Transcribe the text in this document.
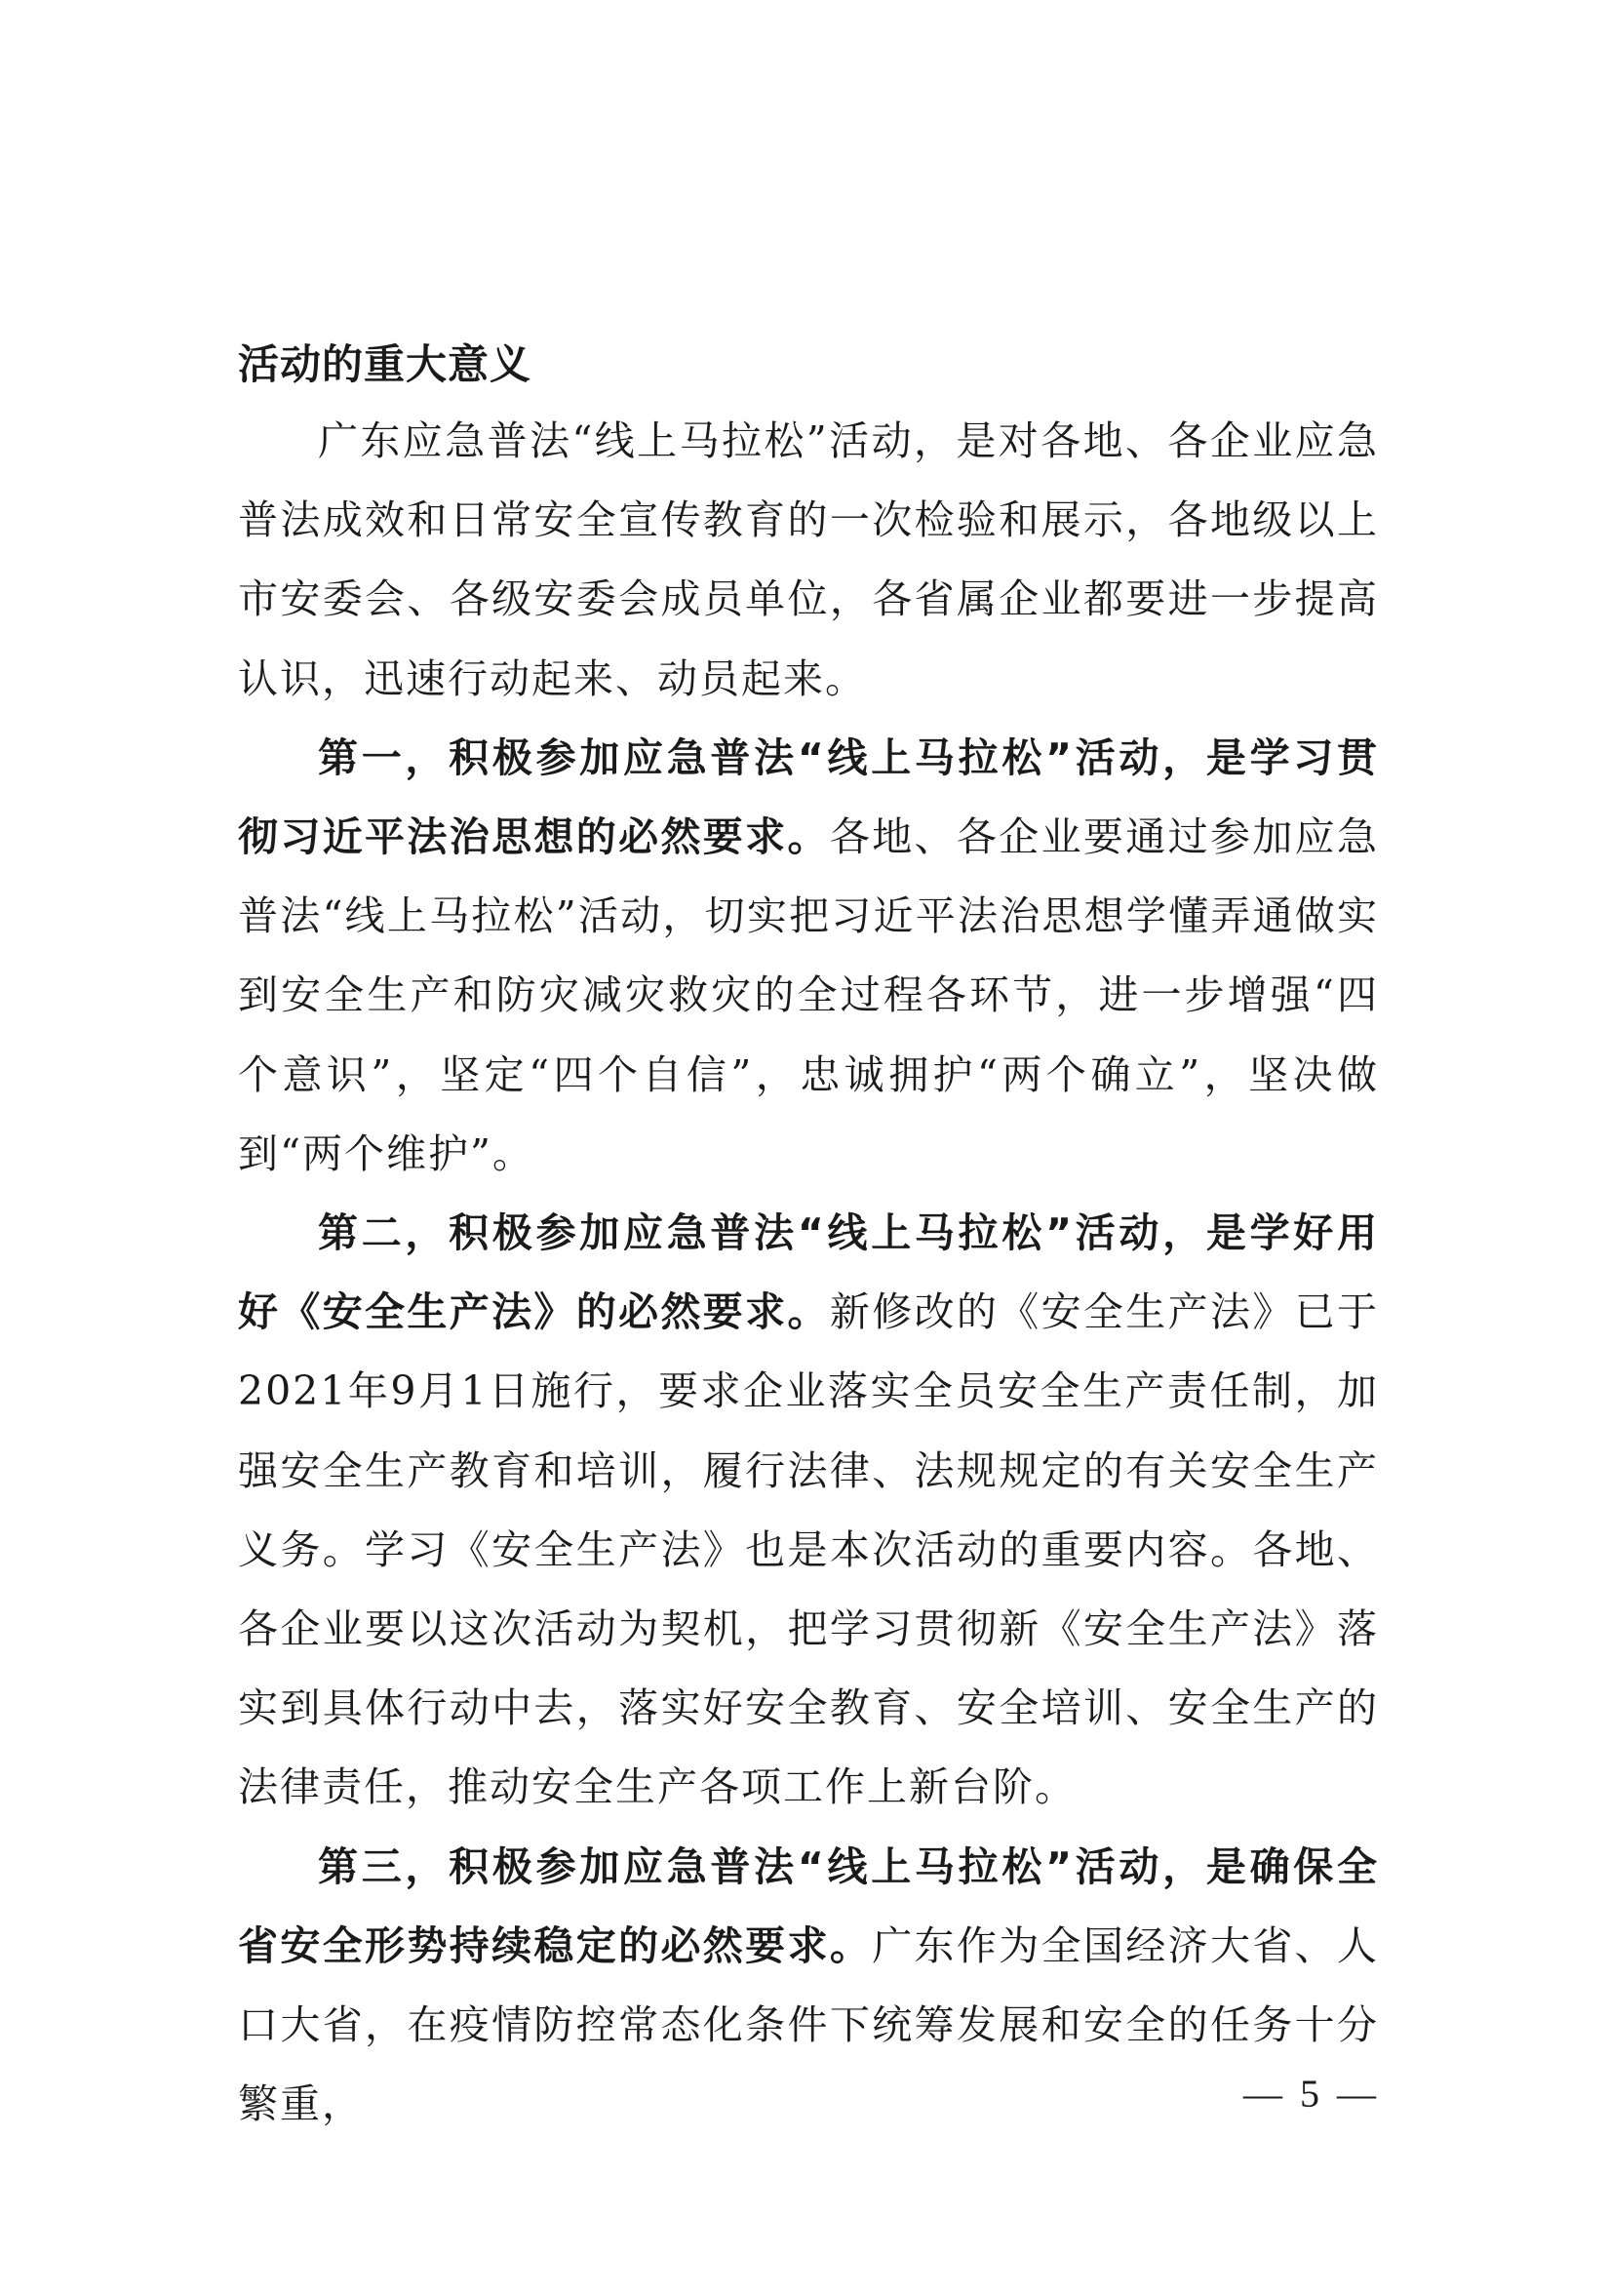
活动的重大意义

广东应急普法“线上马拉松”活动，是对各地、各企业应急普法成效和日常安全宣传教育的一次检验和展示，各地级以上市安委会、各级安委会成员单位，各省属企业都要进一步提高认识，迅速行动起来、动员起来。

第一，积极参加应急普法“线上马拉松”活动，是学习贯彻习近平法治思想的必然要求。各地、各企业要通过参加应急普法“线上马拉松”活动，切实把习近平法治思想学懂弄通做实到安全生产和防灾减灾救灾的全过程各环节，进一步增强“四个意识”，坚定“四个自信”，忠诚拥护“两个确立”，坚决做到“两个维护”。

第二，积极参加应急普法“线上马拉松”活动，是学好用好《安全生产法》的必然要求。新修改的《安全生产法》已于2021年9月1日施行，要求企业落实全员安全生产责任制，加强安全生产教育和培训，履行法律、法规规定的有关安全生产义务。学习《安全生产法》也是本次活动的重要内容。各地、各企业要以这次活动为契机，把学习贯彻新《安全生产法》落实到具体行动中去，落实好安全教育、安全培训、安全生产的法律责任，推动安全生产各项工作上新台阶。

第三，积极参加应急普法“线上马拉松”活动，是确保全省安全形势持续稳定的必然要求。广东作为全国经济大省、人口大省，在疫情防控常态化条件下统筹发展和安全的任务十分繁重，	— 5 —
